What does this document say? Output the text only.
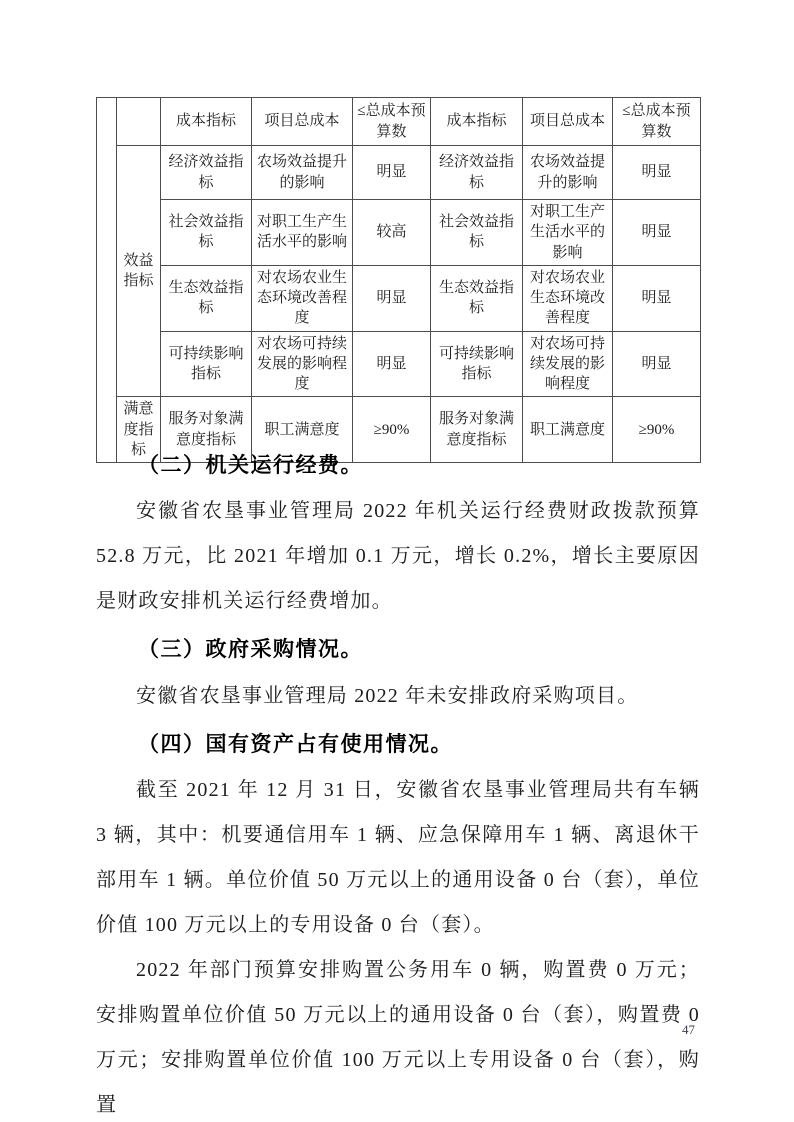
		成本指标	项目总成本	≤总成本预算数	成本指标	项目总成本	≤总成本预算数
	效益指标	经济效益指标	农场效益提升的影响	明显	经济效益指标	农场效益提升的影响	明显
		社会效益指标	对职工生产生活水平的影响	较高	社会效益指标	对职工生产生活水平的影响	明显
		生态效益指标	对农场农业生态环境改善程度	明显	生态效益指标	对农场农业生态环境改善程度	明显
		可持续影响指标	对农场可持续发展的影响程度	明显	可持续影响指标	对农场可持续发展的影响程度	明显
	满意度指标	服务对象满意度指标	职工满意度	≥90%	服务对象满意度指标	职工满意度	≥90%
（二）机关运行经费。

安徽省农垦事业管理局 2022 年机关运行经费财政拨款预算 52.8 万元，比 2021 年增加 0.1 万元，增长 0.2%，增长主要原因是财政安排机关运行经费增加。

（三）政府采购情况。

安徽省农垦事业管理局 2022 年未安排政府采购项目。

（四）国有资产占有使用情况。

截至 2021 年 12 月 31 日，安徽省农垦事业管理局共有车辆 3 辆，其中：机要通信用车 1 辆、应急保障用车 1 辆、离退休干部用车 1 辆。单位价值 50 万元以上的通用设备 0 台（套），单位价值 100 万元以上的专用设备 0 台（套）。

2022 年部门预算安排购置公务用车 0 辆，购置费 0 万元；安排购置单位价值 50 万元以上的通用设备 0 台（套），购置费 0 万元；安排购置单位价值 100 万元以上专用设备 0 台（套），购置

47
